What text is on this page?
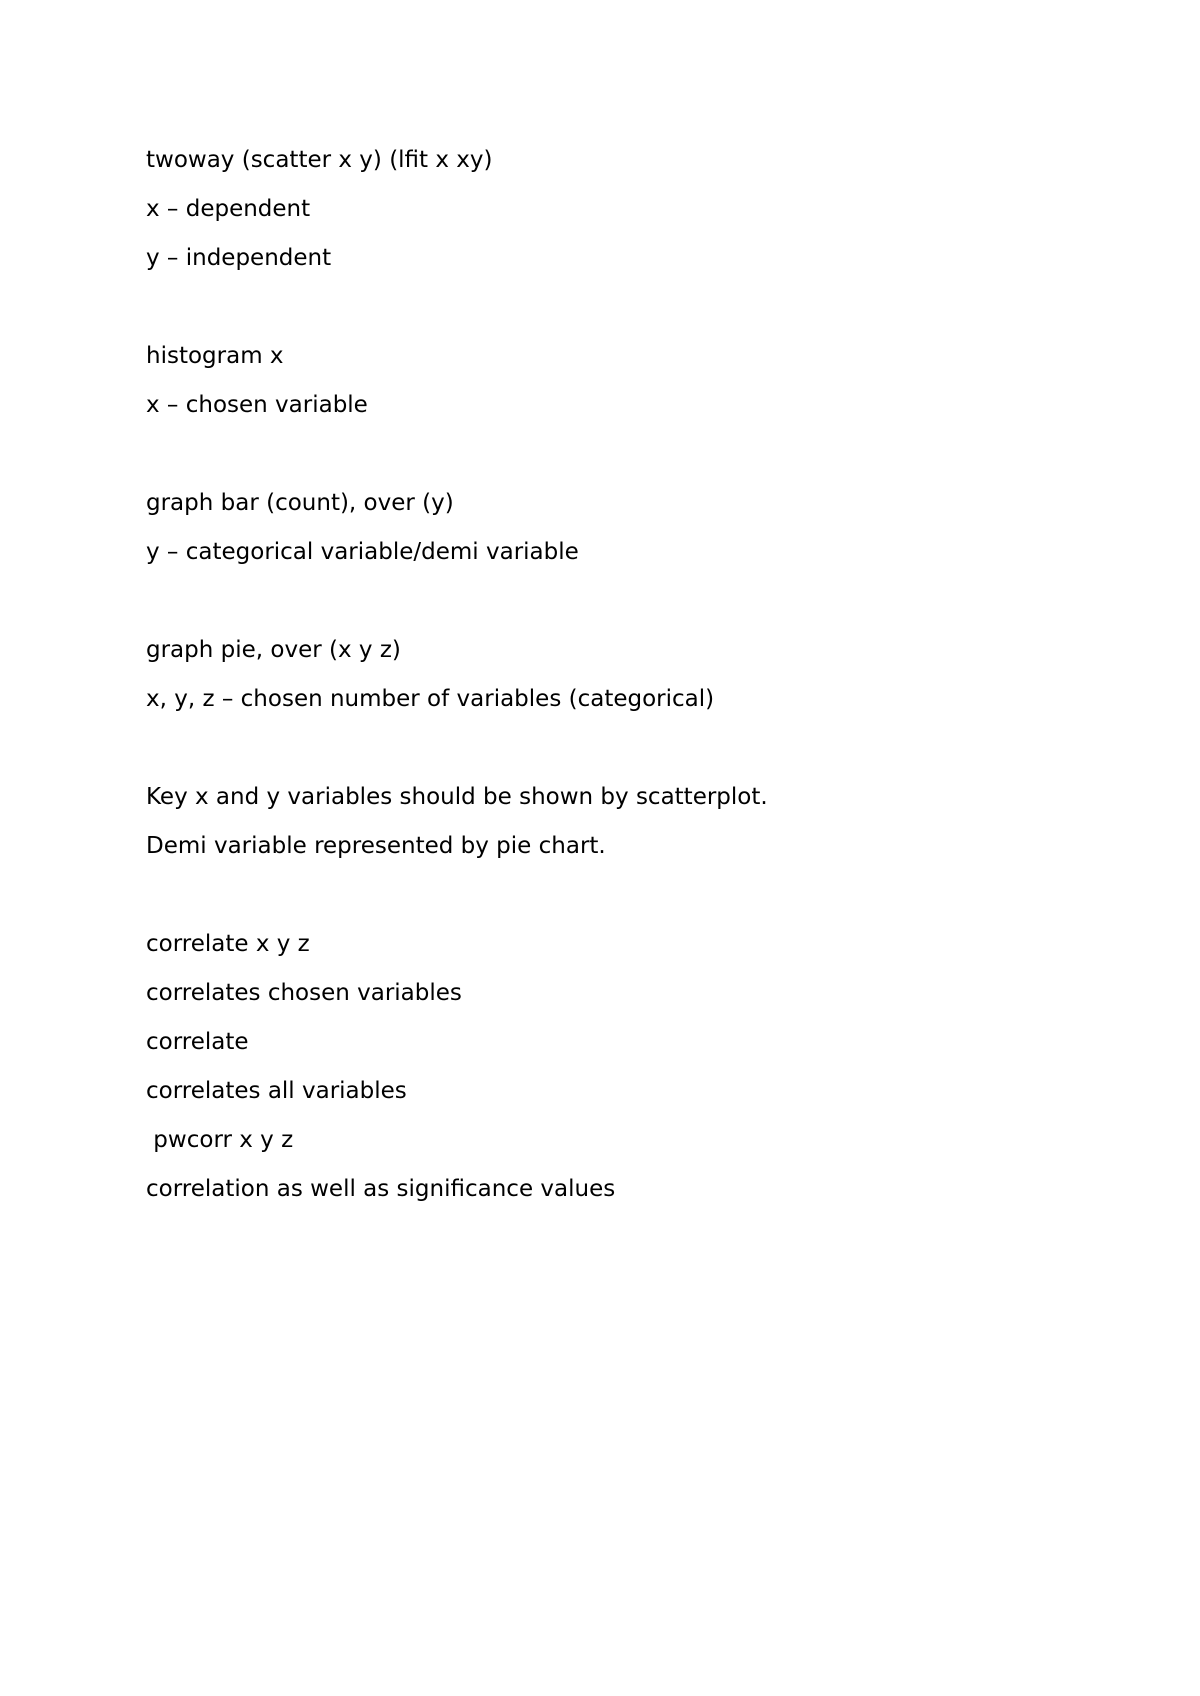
twoway (scatter x y) (lfit x xy)

x – dependent

y – independent

histogram x

x – chosen variable

graph bar (count), over (y)

y – categorical variable/demi variable

graph pie, over (x y z)

x, y, z – chosen number of variables (categorical)

Key x and y variables should be shown by scatterplot.

Demi variable represented by pie chart.

correlate x y z

correlates chosen variables

correlate

correlates all variables

pwcorr x y z

correlation as well as significance values
